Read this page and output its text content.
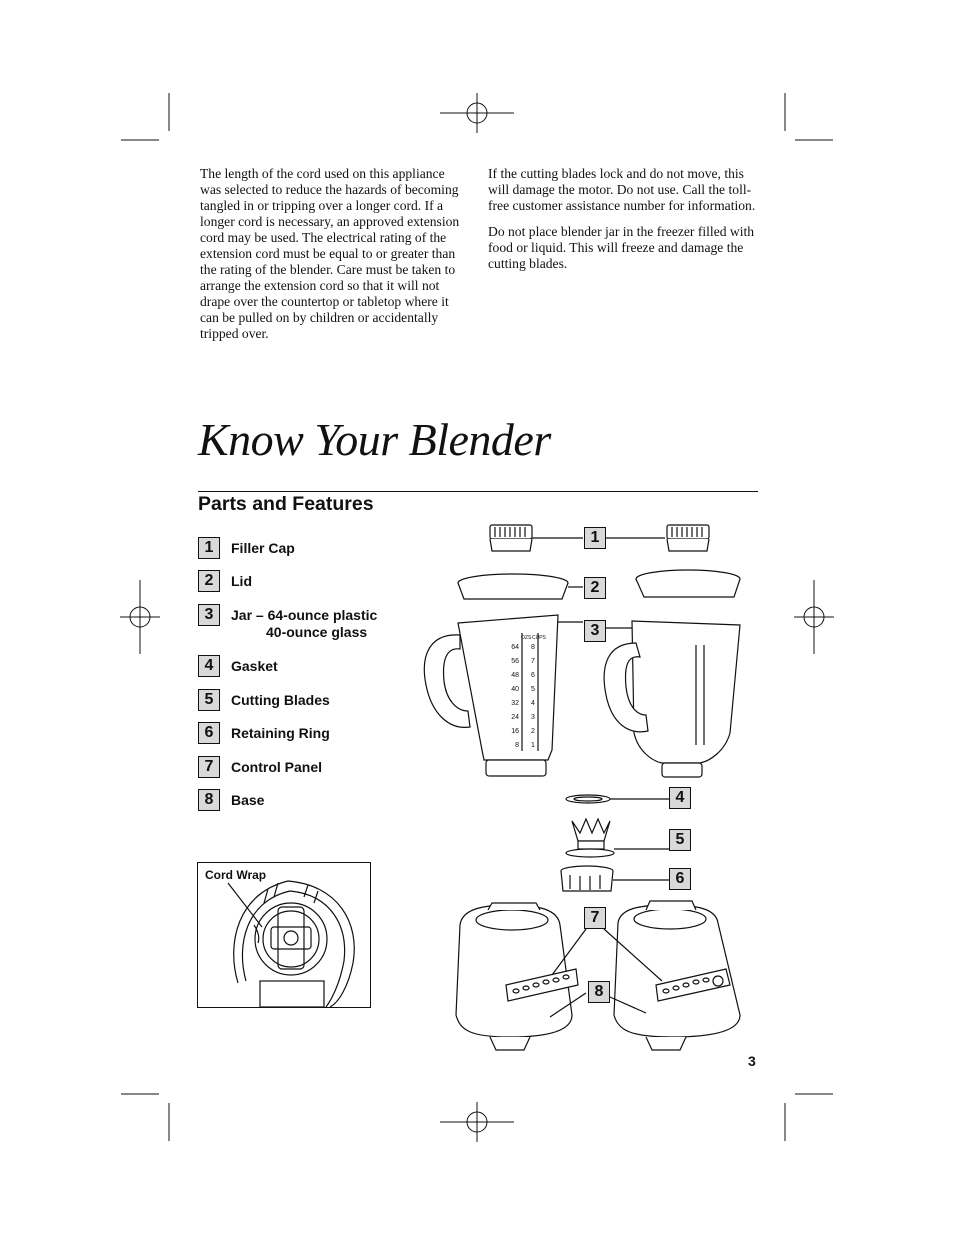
The length of the cord used on this appliance was selected to reduce the hazards of becoming tangled in or tripping over a longer cord. If a longer cord is necessary, an approved extension cord may be used. The electrical rating of the extension cord must be equal to or greater than the rating of the blender. Care must be taken to arrange the extension cord so that it will not drape over the countertop or tabletop where it can be pulled on by children or accidentally tripped over.

If the cutting blades lock and do not move, this will damage the motor. Do not use. Call the toll-free customer assistance number for information.

Do not place blender jar in the freezer filled with food or liquid. This will freeze and damage the cutting blades.

Know Your Blender
Parts and Features
1	Filler Cap
2	Lid
3	Jar – 64-ounce plastic
40-ounce glass
4	Gasket
5	Cutting Blades
6	Retaining Ring
7	Control Panel
8	Base
Cord Wrap
OZS CUPS
64
56
48
40
32
24
16
8
8
7
6
5
4
3
2
1
1
2
3
4
5
6
7
8
3
